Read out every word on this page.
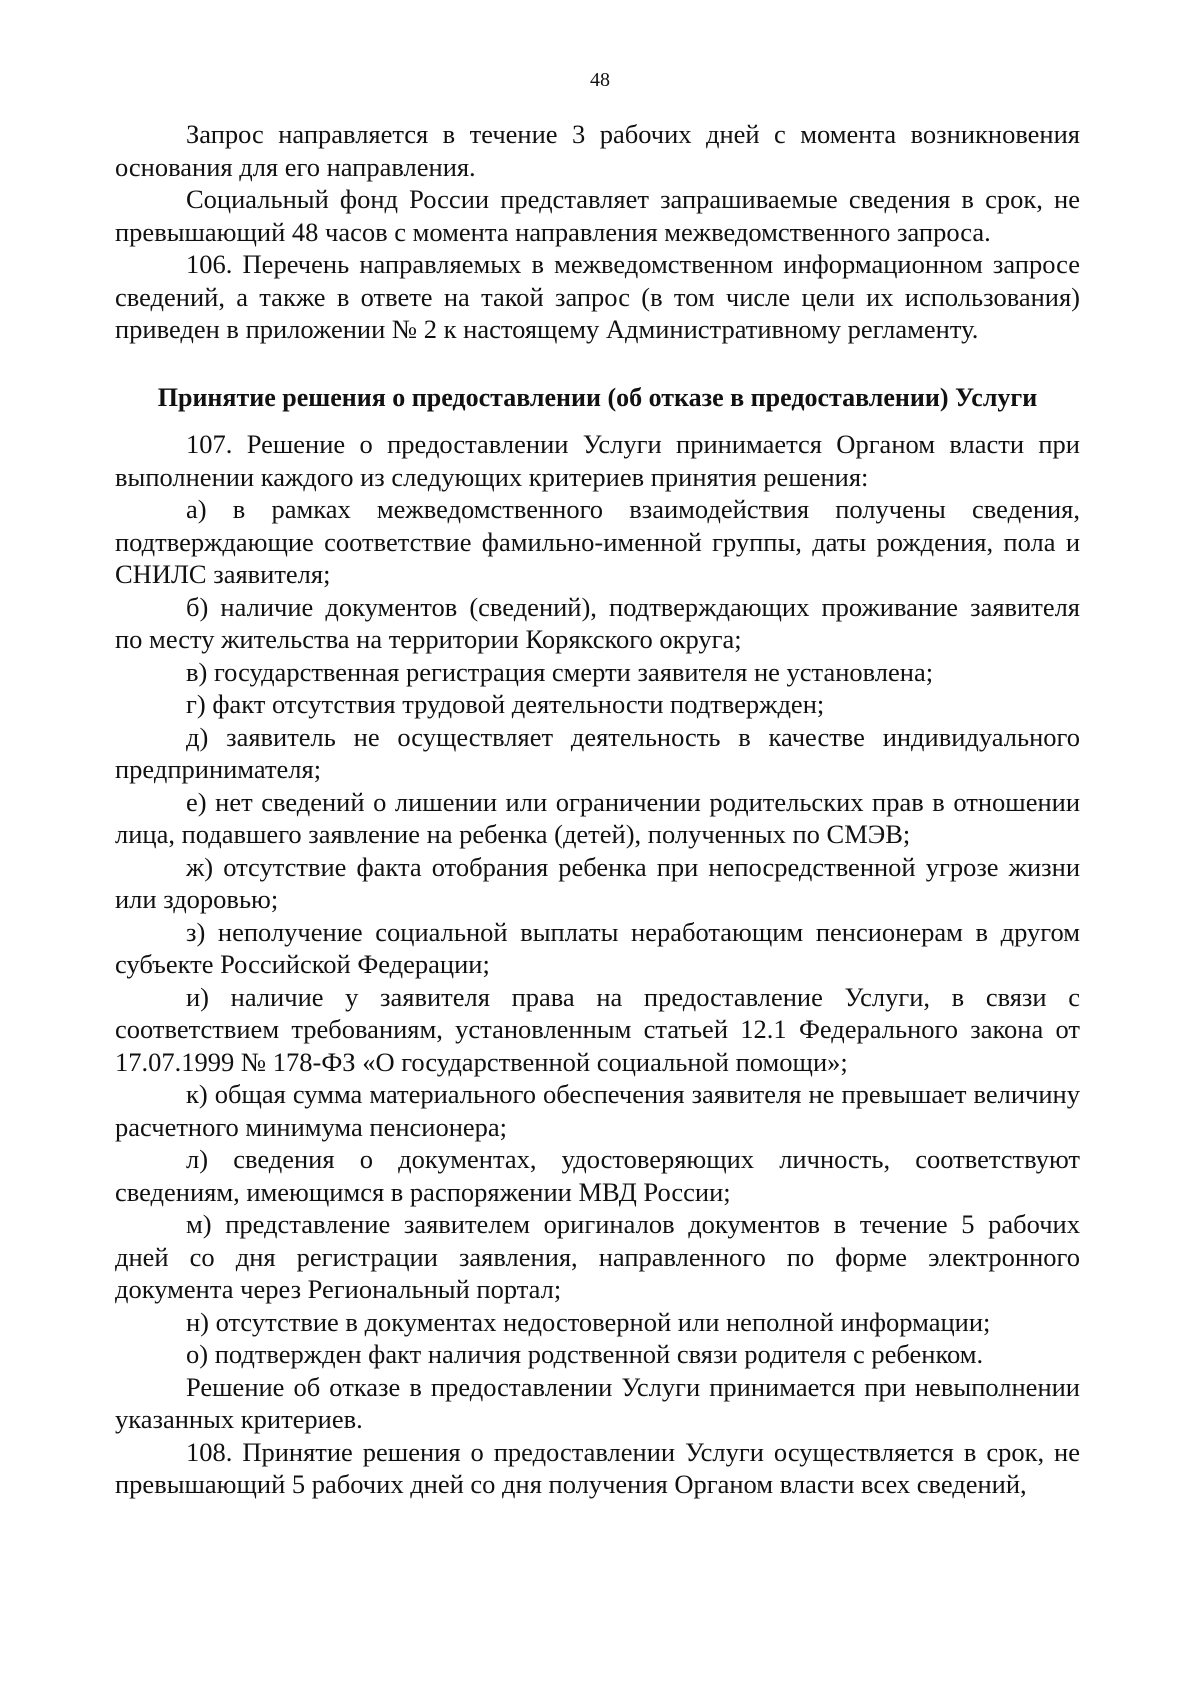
48

Запрос направляется в течение 3 рабочих дней с момента возникновения основания для его направления.

Социальный фонд России представляет запрашиваемые сведения в срок, не превышающий 48 часов с момента направления межведомственного запроса.

106. Перечень направляемых в межведомственном информационном запросе сведений, а также в ответе на такой запрос (в том числе цели их использования) приведен в приложении № 2 к настоящему Административному регламенту.

Принятие решения о предоставлении (об отказе в предоставлении) Услуги

107. Решение о предоставлении Услуги принимается Органом власти при выполнении каждого из следующих критериев принятия решения:

а) в рамках межведомственного взаимодействия получены сведения, подтверждающие соответствие фамильно-именной группы, даты рождения, пола и СНИЛС заявителя;

б) наличие документов (сведений), подтверждающих проживание заявителя по месту жительства на территории Корякского округа;

в) государственная регистрация смерти заявителя не установлена;

г) факт отсутствия трудовой деятельности подтвержден;

д) заявитель не осуществляет деятельность в качестве индивидуального предпринимателя;

е) нет сведений о лишении или ограничении родительских прав в отношении лица, подавшего заявление на ребенка (детей), полученных по СМЭВ;

ж) отсутствие факта отобрания ребенка при непосредственной угрозе жизни или здоровью;

з) неполучение социальной выплаты неработающим пенсионерам в другом субъекте Российской Федерации;

и) наличие у заявителя права на предоставление Услуги, в связи с соответствием требованиям, установленным статьей 12.1 Федерального закона от 17.07.1999 № 178-ФЗ «О государственной социальной помощи»;

к) общая сумма материального обеспечения заявителя не превышает величину расчетного минимума пенсионера;

л) сведения о документах, удостоверяющих личность, соответствуют сведениям, имеющимся в распоряжении МВД России;

м) представление заявителем оригиналов документов в течение 5 рабочих дней со дня регистрации заявления, направленного по форме электронного документа через Региональный портал;

н) отсутствие в документах недостоверной или неполной информации;

о) подтвержден факт наличия родственной связи родителя с ребенком.

Решение об отказе в предоставлении Услуги принимается при невыполнении указанных критериев.

108. Принятие решения о предоставлении Услуги осуществляется в срок, не превышающий 5 рабочих дней со дня получения Органом власти всех сведений,
